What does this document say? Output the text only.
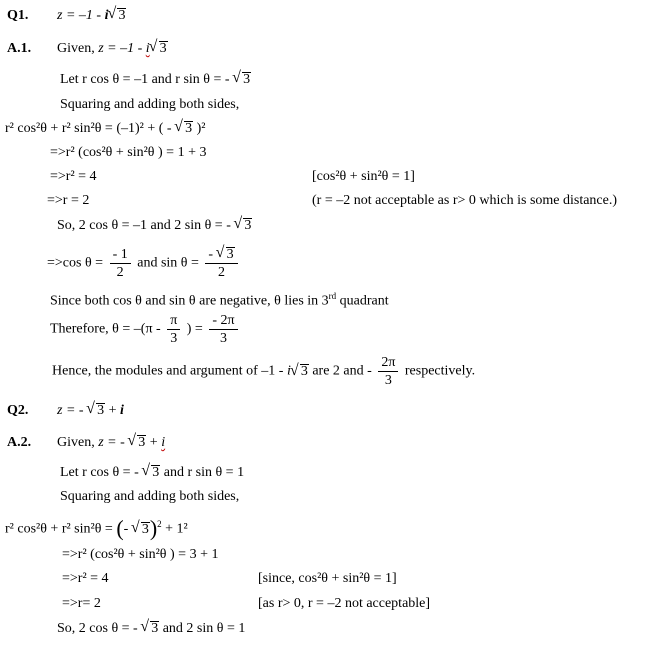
Q1. z = –1 - i √ 3
A.1. Given, z = –1 - i √ 3
Let r cos θ = –1 and r sin θ = - √ 3
Squaring and adding both sides,
r² cos²θ + r² sin²θ = (–1)² + ( - √ 3 )²
=>r² (cos²θ + sin²θ ) = 1 + 3
=>r² = 4	[cos²θ + sin²θ = 1]
=>r = 2	(r = –2 not acceptable as r> 0 which is some distance.)
So, 2 cos θ = –1 and 2 sin θ = - √ 3
=>cos $\theta = \frac{- 1}{2}$ and $\sin \theta = \frac{- √ 3}{2}$
Since both cos θ and sin θ are negative, θ lies in 3rd quadrant
Therefore, $\theta = -(\pi - \frac{\pi}{3}$ ) = $\frac{- 2\pi}{3}$
Hence, the modules and argument of –1 - i √ 3 are 2 and - $\frac{2\pi}{3}$ respectively.
Q2. z = - √ 3 + i
A.2. Given, z = - √ 3 + i
Let r cos θ = - √ 3 and r sin θ = 1
Squaring and adding both sides,
r² cos²θ + r² sin²θ = (- √ 3)$^2$ + 1²
=>r² (cos²θ + sin²θ ) = 3 + 1
=>r² = 4	[since, cos²θ + sin²θ = 1]
=>r= 2	[as r> 0, r = –2 not acceptable]
So, 2 cos θ = - √ 3 and 2 sin θ = 1
